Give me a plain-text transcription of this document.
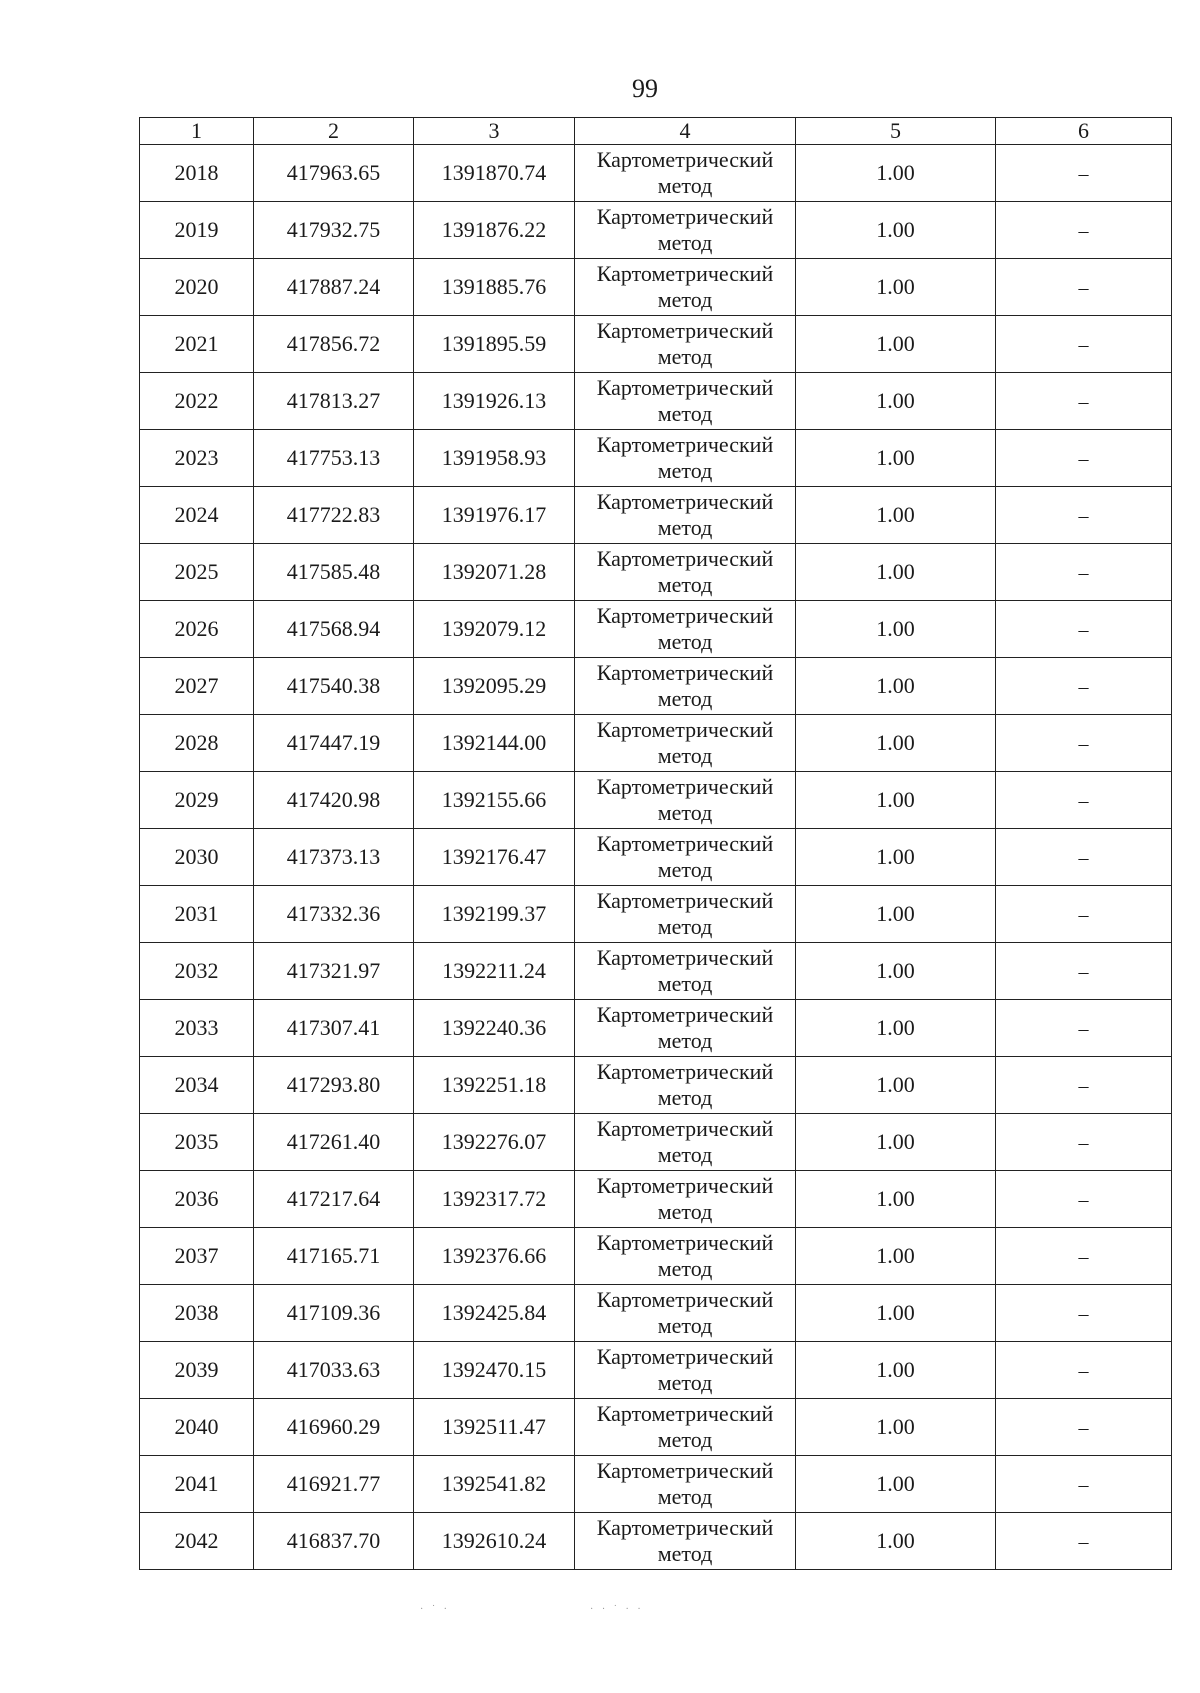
99
1	2	3	4	5	6
2018	417963.65	1391870.74	Картометрический метод	1.00	–
2019	417932.75	1391876.22	Картометрический метод	1.00	–
2020	417887.24	1391885.76	Картометрический метод	1.00	–
2021	417856.72	1391895.59	Картометрический метод	1.00	–
2022	417813.27	1391926.13	Картометрический метод	1.00	–
2023	417753.13	1391958.93	Картометрический метод	1.00	–
2024	417722.83	1391976.17	Картометрический метод	1.00	–
2025	417585.48	1392071.28	Картометрический метод	1.00	–
2026	417568.94	1392079.12	Картометрический метод	1.00	–
2027	417540.38	1392095.29	Картометрический метод	1.00	–
2028	417447.19	1392144.00	Картометрический метод	1.00	–
2029	417420.98	1392155.66	Картометрический метод	1.00	–
2030	417373.13	1392176.47	Картометрический метод	1.00	–
2031	417332.36	1392199.37	Картометрический метод	1.00	–
2032	417321.97	1392211.24	Картометрический метод	1.00	–
2033	417307.41	1392240.36	Картометрический метод	1.00	–
2034	417293.80	1392251.18	Картометрический метод	1.00	–
2035	417261.40	1392276.07	Картометрический метод	1.00	–
2036	417217.64	1392317.72	Картометрический метод	1.00	–
2037	417165.71	1392376.66	Картометрический метод	1.00	–
2038	417109.36	1392425.84	Картометрический метод	1.00	–
2039	417033.63	1392470.15	Картометрический метод	1.00	–
2040	416960.29	1392511.47	Картометрический метод	1.00	–
2041	416921.77	1392541.82	Картометрический метод	1.00	–
2042	416837.70	1392610.24	Картометрический метод	1.00	–
· ˙ ·	· · ˙ · ·
